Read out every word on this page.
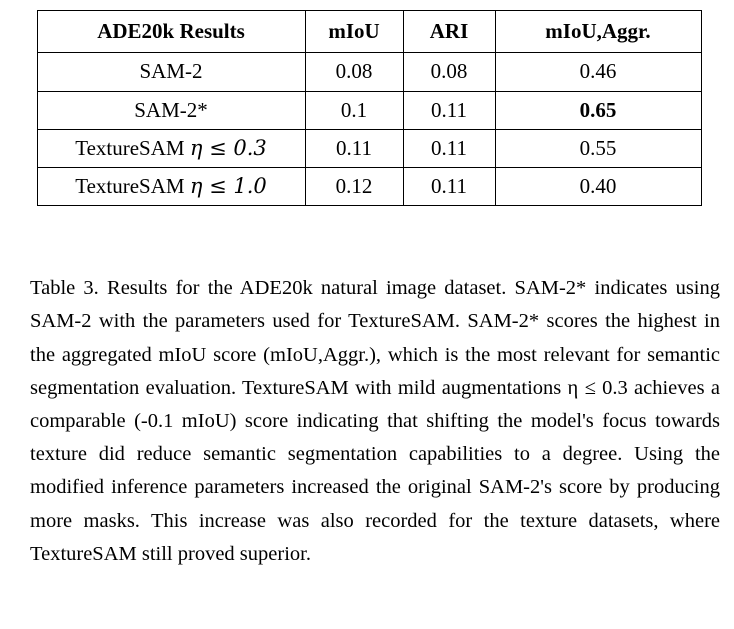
ADE20k Results	mIoU	ARI	mIoU,Aggr.
SAM-2	0.08	0.08	0.46
SAM-2*	0.1	0.11	0.65
TextureSAM η ≤ 0.3	0.11	0.11	0.55
TextureSAM η ≤ 1.0	0.12	0.11	0.40

Table 3. Results for the ADE20k natural image dataset. SAM-2* indicates using SAM-2 with the parameters used for TextureSAM. SAM-2* scores the highest in the aggregated mIoU score (mIoU,Aggr.), which is the most relevant for semantic segmentation evaluation. TextureSAM with mild augmentations η ≤ 0.3 achieves a comparable (-0.1 mIoU) score indicating that shifting the model's focus towards texture did reduce semantic segmentation capabilities to a degree. Using the modified inference parameters increased the original SAM-2's score by producing more masks. This increase was also recorded for the texture datasets, where TextureSAM still proved superior.
